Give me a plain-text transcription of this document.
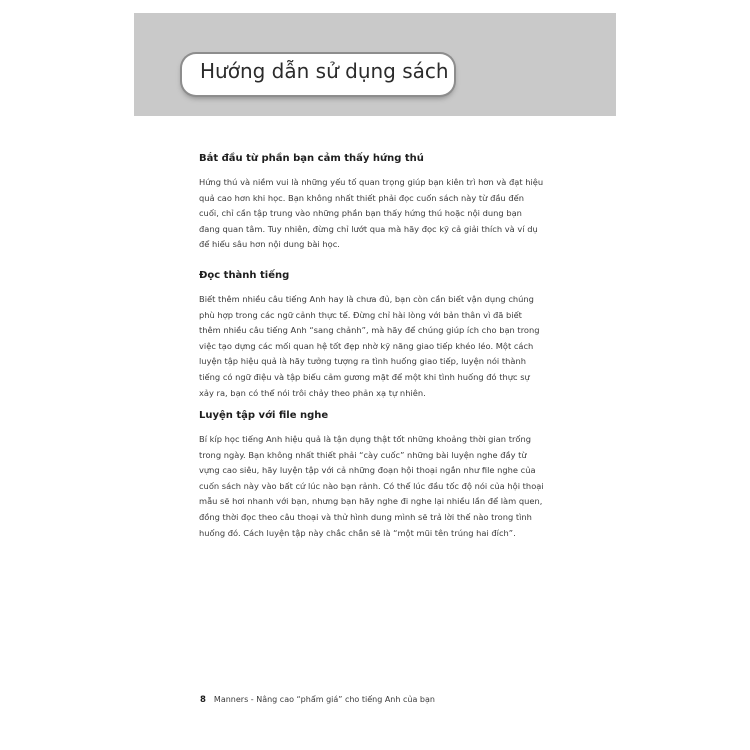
Hướng dẫn sử dụng sách
Bắt đầu từ phần bạn cảm thấy hứng thú

Hứng thú và niềm vui là những yếu tố quan trọng giúp bạn kiên trì hơn và đạt hiệu quả cao hơn khi học. Bạn không nhất thiết phải đọc cuốn sách này từ đầu đến cuối, chỉ cần tập trung vào những phần bạn thấy hứng thú hoặc nội dung bạn đang quan tâm. Tuy nhiên, đừng chỉ lướt qua mà hãy đọc kỹ cả giải thích và ví dụ để hiểu sâu hơn nội dung bài học.

Đọc thành tiếng

Biết thêm nhiều câu tiếng Anh hay là chưa đủ, bạn còn cần biết vận dụng chúng phù hợp trong các ngữ cảnh thực tế. Đừng chỉ hài lòng với bản thân vì đã biết thêm nhiều câu tiếng Anh “sang chảnh”, mà hãy để chúng giúp ích cho bạn trong việc tạo dựng các mối quan hệ tốt đẹp nhờ kỹ năng giao tiếp khéo léo. Một cách luyện tập hiệu quả là hãy tưởng tượng ra tình huống giao tiếp, luyện nói thành tiếng có ngữ điệu và tập biểu cảm gương mặt để một khi tình huống đó thực sự xảy ra, bạn có thể nói trôi chảy theo phản xạ tự nhiên.

Luyện tập với file nghe

Bí kíp học tiếng Anh hiệu quả là tận dụng thật tốt những khoảng thời gian trống trong ngày. Bạn không nhất thiết phải “cày cuốc” những bài luyện nghe đầy từ vựng cao siêu, hãy luyện tập với cả những đoạn hội thoại ngắn như file nghe của cuốn sách này vào bất cứ lúc nào bạn rảnh. Có thể lúc đầu tốc độ nói của hội thoại mẫu sẽ hơi nhanh với bạn, nhưng bạn hãy nghe đi nghe lại nhiều lần để làm quen, đồng thời đọc theo câu thoại và thử hình dung mình sẽ trả lời thế nào trong tình huống đó. Cách luyện tập này chắc chắn sẽ là “một mũi tên trúng hai đích”.

8 Manners - Nâng cao “phẩm giá” cho tiếng Anh của bạn
